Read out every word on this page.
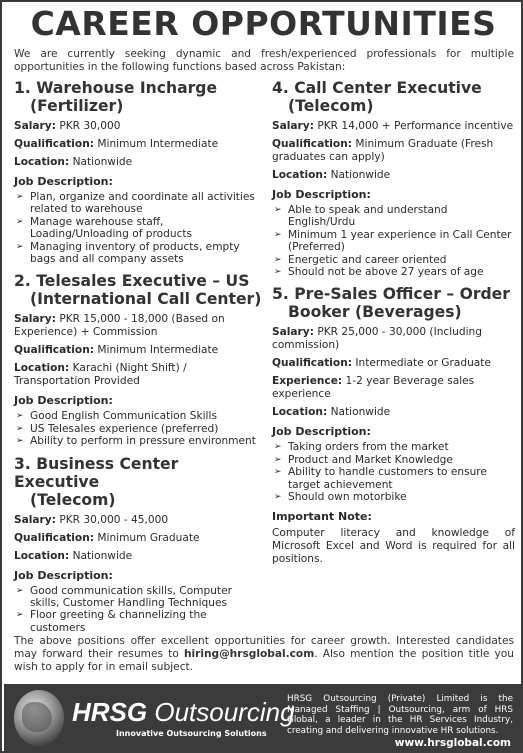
CAREER OPPORTUNITIES
We are currently seeking dynamic and fresh/experienced professionals for multiple opportunities in the following functions based across Pakistan:
1. Warehouse Incharge
(Fertilizer)
Salary: PKR 30,000
Qualification: Minimum Intermediate
Location: Nationwide
Job Description:
➢ Plan, organize and coordinate all activities related to warehouse
➢ Manage warehouse staff, Loading/Unloading of products
➢ Managing inventory of products, empty bags and all company assets
2. Telesales Executive – US
(International Call Center)
Salary: PKR 15,000 - 18,000 (Based on Experience) + Commission
Qualification: Minimum Intermediate
Location: Karachi (Night Shift) / Transportation Provided
Job Description:
➢ Good English Communication Skills
➢ US Telesales experience (preferred)
➢ Ability to perform in pressure environment
3. Business Center Executive
(Telecom)
Salary: PKR 30,000 - 45,000
Qualification: Minimum Graduate
Location: Nationwide
Job Description:
➢ Good communication skills, Computer skills, Customer Handling Techniques
➢ Floor greeting & channelizing the customers
4. Call Center Executive
(Telecom)
Salary: PKR 14,000 + Performance incentive
Qualification: Minimum Graduate (Fresh graduates can apply)
Location: Nationwide
Job Description:
➢ Able to speak and understand English/Urdu
➢ Minimum 1 year experience in Call Center (Preferred)
➢ Energetic and career oriented
➢ Should not be above 27 years of age
5. Pre-Sales Officer – Order
Booker (Beverages)
Salary: PKR 25,000 - 30,000 (Including commission)
Qualification: Intermediate or Graduate
Experience: 1-2 year Beverage sales experience
Location: Nationwide
Job Description:
➢ Taking orders from the market
➢ Product and Market Knowledge
➢ Ability to handle customers to ensure target achievement
➢ Should own motorbike
Important Note:
Computer literacy and knowledge of Microsoft Excel and Word is required for all positions.
The above positions offer excellent opportunities for career growth. Interested candidates may forward their resumes to hiring@hrsglobal.com. Also mention the position title you wish to apply for in email subject.
HRSG Outsourcing
Innovative Outsourcing Solutions
HRSG Outsourcing (Private) Limited is the Managed Staffing | Outsourcing, arm of HRS Global, a leader in the HR Services Industry, creating and delivering innovative HR solutions.
www.hrsglobal.com
